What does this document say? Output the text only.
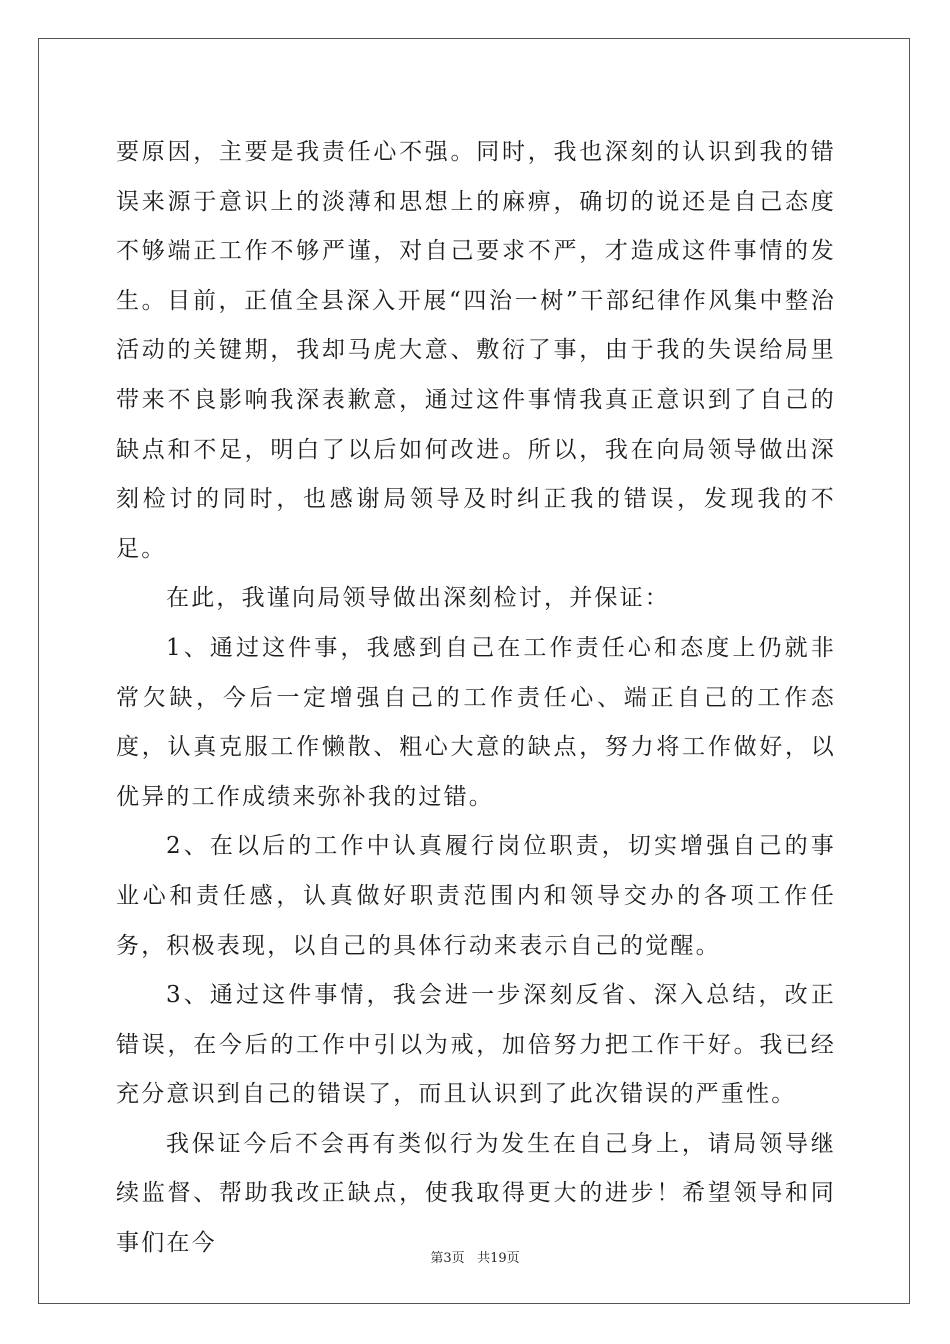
要原因，主要是我责任心不强。同时，我也深刻的认识到我的错误来源于意识上的淡薄和思想上的麻痹，确切的说还是自己态度不够端正工作不够严谨，对自己要求不严，才造成这件事情的发生。目前，正值全县深入开展“四治一树”干部纪律作风集中整治活动的关键期，我却马虎大意、敷衍了事，由于我的失误给局里带来不良影响我深表歉意，通过这件事情我真正意识到了自己的缺点和不足，明白了以后如何改进。所以，我在向局领导做出深刻检讨的同时，也感谢局领导及时纠正我的错误，发现我的不足。

在此，我谨向局领导做出深刻检讨，并保证：

1、通过这件事，我感到自己在工作责任心和态度上仍就非常欠缺，今后一定增强自己的工作责任心、端正自己的工作态度，认真克服工作懒散、粗心大意的缺点，努力将工作做好，以优异的工作成绩来弥补我的过错。

2、在以后的工作中认真履行岗位职责，切实增强自己的事业心和责任感，认真做好职责范围内和领导交办的各项工作任务，积极表现，以自己的具体行动来表示自己的觉醒。

3、通过这件事情，我会进一步深刻反省、深入总结，改正错误，在今后的工作中引以为戒，加倍努力把工作干好。我已经充分意识到自己的错误了，而且认识到了此次错误的严重性。

我保证今后不会再有类似行为发生在自己身上，请局领导继续监督、帮助我改正缺点，使我取得更大的进步！希望领导和同事们在今

第3页 共19页
